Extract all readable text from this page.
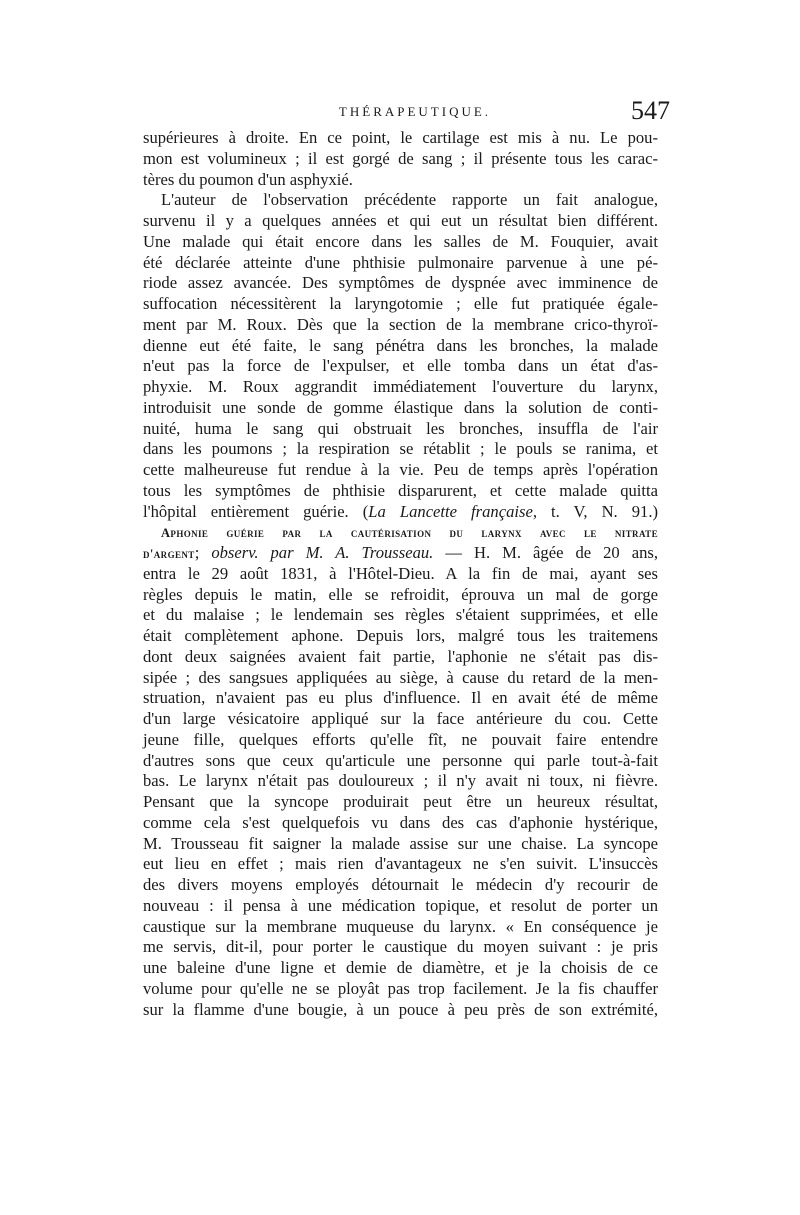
THÉRAPEUTIQUE.	547
supérieures à droite. En ce point, le cartilage est mis à nu. Le pou-
mon est volumineux ; il est gorgé de sang ; il présente tous les carac-
tères du poumon d'un asphyxié.
L'auteur de l'observation précédente rapporte un fait analogue,
survenu il y a quelques années et qui eut un résultat bien différent.
Une malade qui était encore dans les salles de M. Fouquier, avait
été déclarée atteinte d'une phthisie pulmonaire parvenue à une pé-
riode assez avancée. Des symptômes de dyspnée avec imminence de
suffocation nécessitèrent la laryngotomie ; elle fut pratiquée égale-
ment par M. Roux. Dès que la section de la membrane crico-thyroï-
dienne eut été faite, le sang pénétra dans les bronches, la malade
n'eut pas la force de l'expulser, et elle tomba dans un état d'as-
phyxie. M. Roux aggrandit immédiatement l'ouverture du larynx,
introduisit une sonde de gomme élastique dans la solution de conti-
nuité, huma le sang qui obstruait les bronches, insuffla de l'air
dans les poumons ; la respiration se rétablit ; le pouls se ranima, et
cette malheureuse fut rendue à la vie. Peu de temps après l'opération
tous les symptômes de phthisie disparurent, et cette malade quitta
l'hôpital entièrement guérie. (La Lancette française, t. V, N. 91.)
Aphonie guérie par la cautérisation du larynx avec le nitrate
d'argent; observ. par M. A. Trousseau. — H. M. âgée de 20 ans,
entra le 29 août 1831, à l'Hôtel-Dieu. A la fin de mai, ayant ses
règles depuis le matin, elle se refroidit, éprouva un mal de gorge
et du malaise ; le lendemain ses règles s'étaient supprimées, et elle
était complètement aphone. Depuis lors, malgré tous les traitemens
dont deux saignées avaient fait partie, l'aphonie ne s'était pas dis-
sipée ; des sangsues appliquées au siège, à cause du retard de la men-
struation, n'avaient pas eu plus d'influence. Il en avait été de même
d'un large vésicatoire appliqué sur la face antérieure du cou. Cette
jeune fille, quelques efforts qu'elle fît, ne pouvait faire entendre
d'autres sons que ceux qu'articule une personne qui parle tout-à-fait
bas. Le larynx n'était pas douloureux ; il n'y avait ni toux, ni fièvre.
Pensant que la syncope produirait peut être un heureux résultat,
comme cela s'est quelquefois vu dans des cas d'aphonie hystérique,
M. Trousseau fit saigner la malade assise sur une chaise. La syncope
eut lieu en effet ; mais rien d'avantageux ne s'en suivit. L'insuccès
des divers moyens employés détournait le médecin d'y recourir de
nouveau : il pensa à une médication topique, et resolut de porter un
caustique sur la membrane muqueuse du larynx. « En conséquence je
me servis, dit-il, pour porter le caustique du moyen suivant : je pris
une baleine d'une ligne et demie de diamètre, et je la choisis de ce
volume pour qu'elle ne se ployât pas trop facilement. Je la fis chauffer
sur la flamme d'une bougie, à un pouce à peu près de son extrémité,
